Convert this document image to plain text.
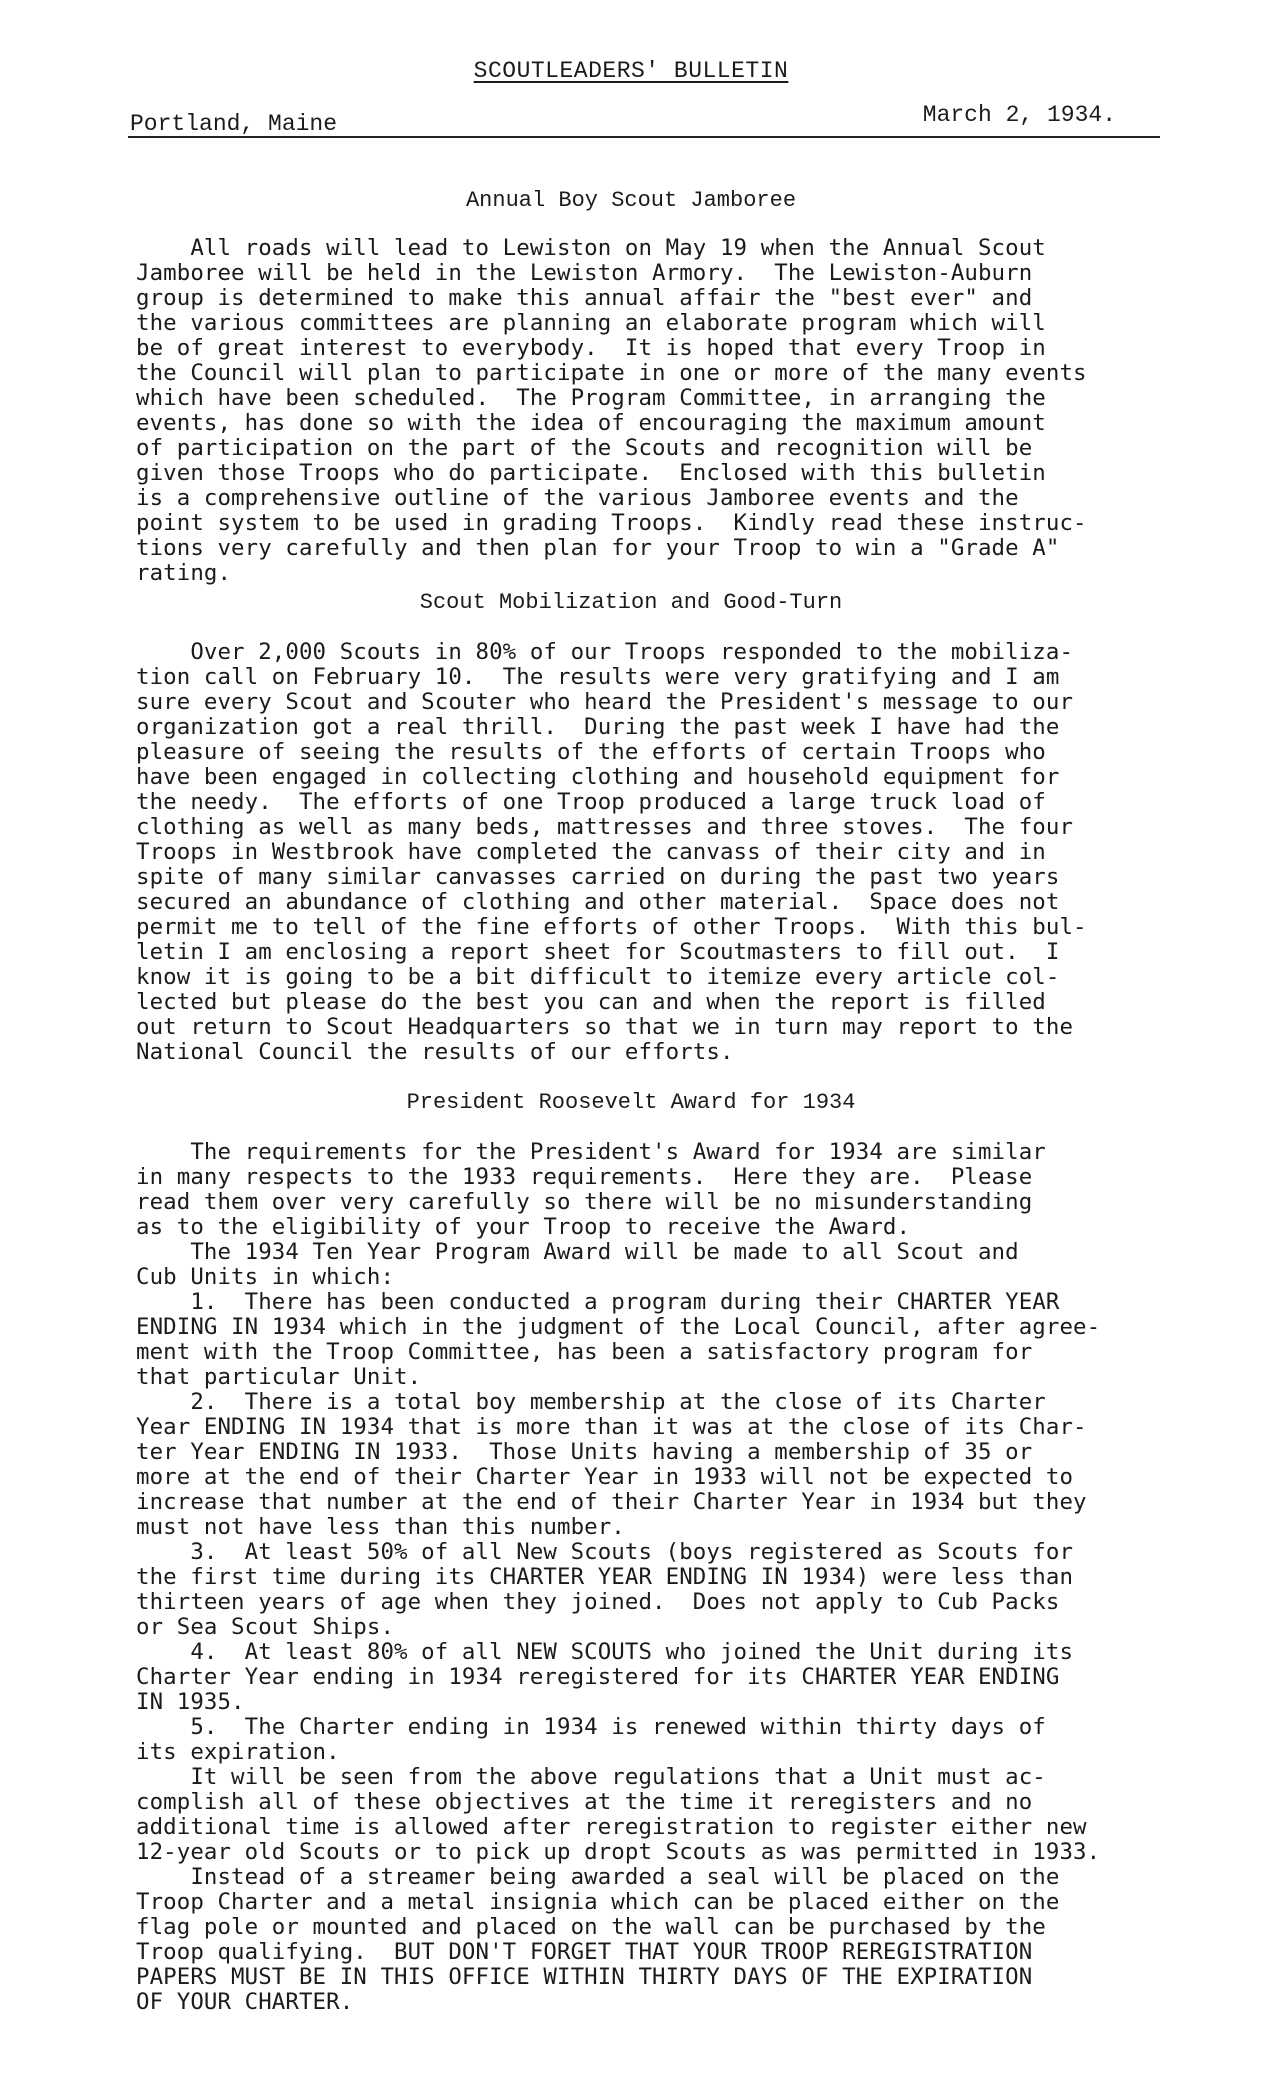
SCOUTLEADERS' BULLETIN
Portland, Maine	March 2, 1934.
Annual Boy Scout Jamboree
All roads will lead to Lewiston on May 19 when the Annual Scout
Jamboree will be held in the Lewiston Armory.  The Lewiston-Auburn
group is determined to make this annual affair the "best ever" and
the various committees are planning an elaborate program which will
be of great interest to everybody.  It is hoped that every Troop in
the Council will plan to participate in one or more of the many events
which have been scheduled.  The Program Committee, in arranging the
events, has done so with the idea of encouraging the maximum amount
of participation on the part of the Scouts and recognition will be
given those Troops who do participate.  Enclosed with this bulletin
is a comprehensive outline of the various Jamboree events and the
point system to be used in grading Troops.  Kindly read these instruc-
tions very carefully and then plan for your Troop to win a "Grade A"
rating.
Scout Mobilization and Good-Turn
Over 2,000 Scouts in 80% of our Troops responded to the mobiliza-
tion call on February 10.  The results were very gratifying and I am
sure every Scout and Scouter who heard the President's message to our
organization got a real thrill.  During the past week I have had the
pleasure of seeing the results of the efforts of certain Troops who
have been engaged in collecting clothing and household equipment for
the needy.  The efforts of one Troop produced a large truck load of
clothing as well as many beds, mattresses and three stoves.  The four
Troops in Westbrook have completed the canvass of their city and in
spite of many similar canvasses carried on during the past two years
secured an abundance of clothing and other material.  Space does not
permit me to tell of the fine efforts of other Troops.  With this bul-
letin I am enclosing a report sheet for Scoutmasters to fill out.  I
know it is going to be a bit difficult to itemize every article col-
lected but please do the best you can and when the report is filled
out return to Scout Headquarters so that we in turn may report to the
National Council the results of our efforts.
President Roosevelt Award for 1934
The requirements for the President's Award for 1934 are similar
in many respects to the 1933 requirements.  Here they are.  Please
read them over very carefully so there will be no misunderstanding
as to the eligibility of your Troop to receive the Award.
The 1934 Ten Year Program Award will be made to all Scout and
Cub Units in which:
1.  There has been conducted a program during their CHARTER YEAR
ENDING IN 1934 which in the judgment of the Local Council, after agree-
ment with the Troop Committee, has been a satisfactory program for
that particular Unit.
2.  There is a total boy membership at the close of its Charter
Year ENDING IN 1934 that is more than it was at the close of its Char-
ter Year ENDING IN 1933.  Those Units having a membership of 35 or
more at the end of their Charter Year in 1933 will not be expected to
increase that number at the end of their Charter Year in 1934 but they
must not have less than this number.
3.  At least 50% of all New Scouts (boys registered as Scouts for
the first time during its CHARTER YEAR ENDING IN 1934) were less than
thirteen years of age when they joined.  Does not apply to Cub Packs
or Sea Scout Ships.
4.  At least 80% of all NEW SCOUTS who joined the Unit during its
Charter Year ending in 1934 reregistered for its CHARTER YEAR ENDING
IN 1935.
5.  The Charter ending in 1934 is renewed within thirty days of
its expiration.
It will be seen from the above regulations that a Unit must ac-
complish all of these objectives at the time it reregisters and no
additional time is allowed after reregistration to register either new
12-year old Scouts or to pick up dropt Scouts as was permitted in 1933.
Instead of a streamer being awarded a seal will be placed on the
Troop Charter and a metal insignia which can be placed either on the
flag pole or mounted and placed on the wall can be purchased by the
Troop qualifying.  BUT DON'T FORGET THAT YOUR TROOP REREGISTRATION
PAPERS MUST BE IN THIS OFFICE WITHIN THIRTY DAYS OF THE EXPIRATION
OF YOUR CHARTER.
